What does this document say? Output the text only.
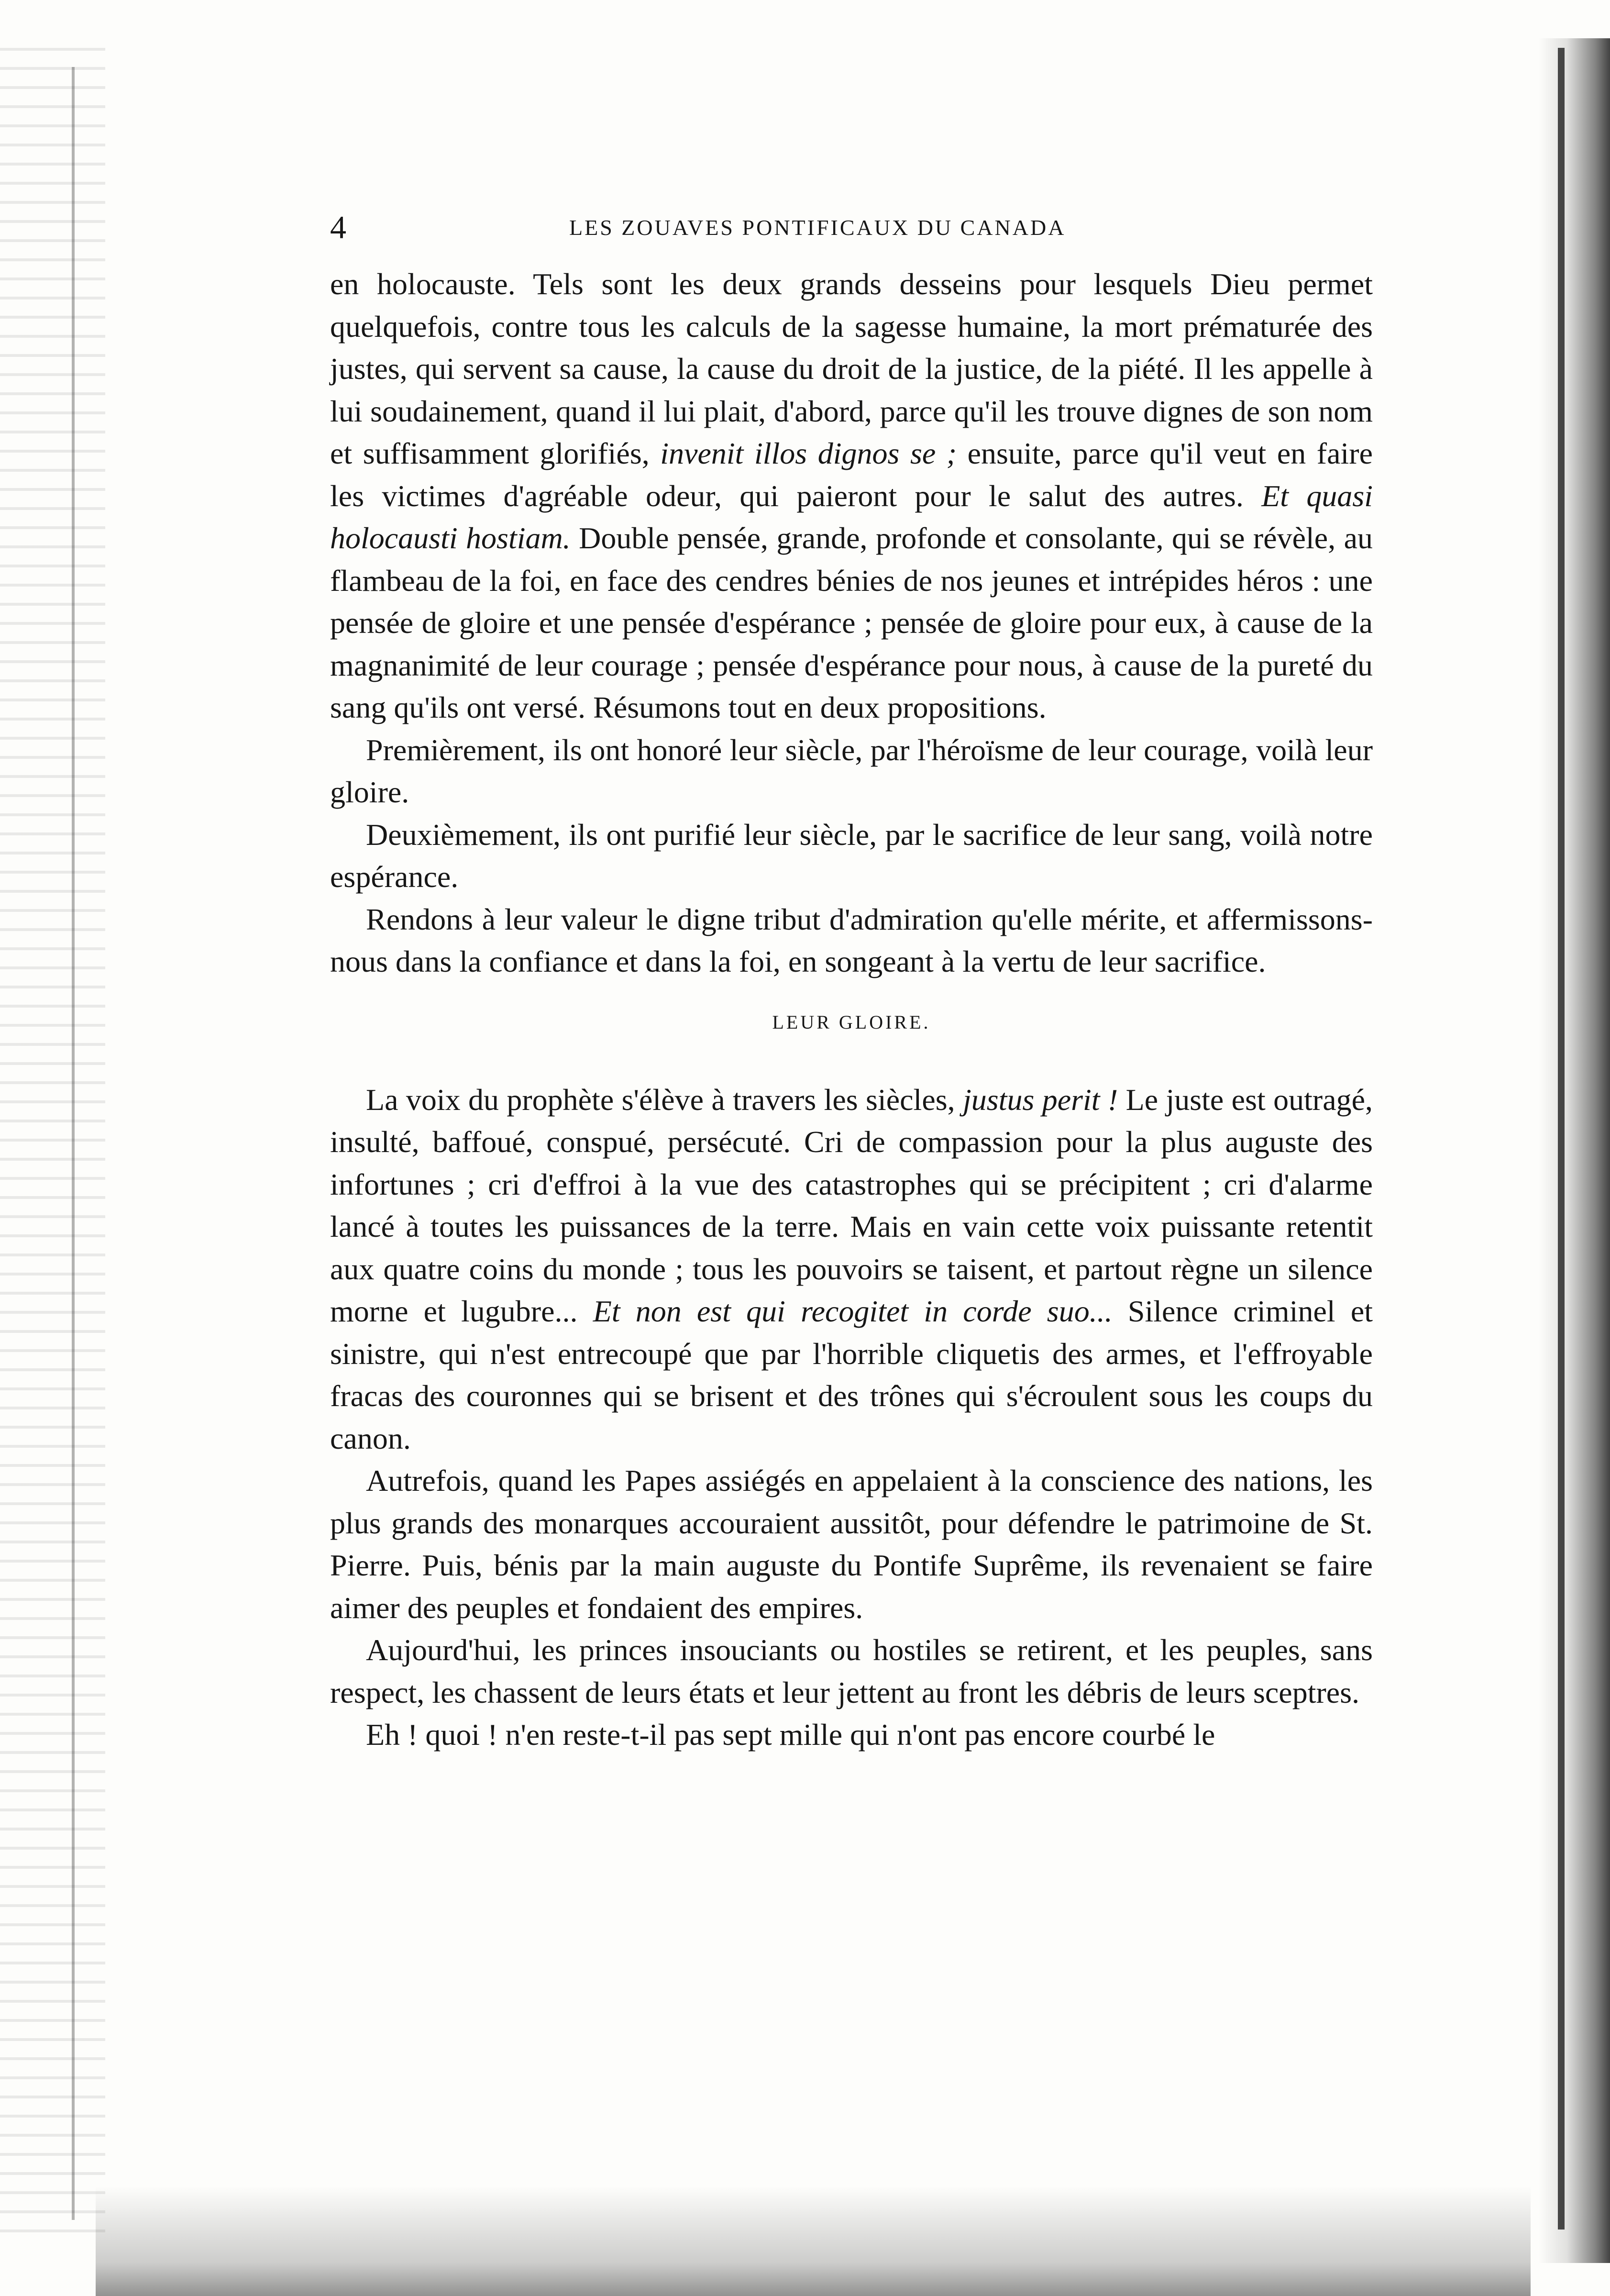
4	LES ZOUAVES PONTIFICAUX DU CANADA

en holocauste. Tels sont les deux grands desseins pour lesquels Dieu permet quelquefois, contre tous les calculs de la sagesse humaine, la mort prématurée des justes, qui servent sa cause, la cause du droit de la justice, de la piété. Il les appelle à lui soudainement, quand il lui plait, d'abord, parce qu'il les trouve dignes de son nom et suffisamment glorifiés, invenit illos dignos se ; ensuite, parce qu'il veut en faire les victimes d'agréable odeur, qui paieront pour le salut des autres. Et quasi holocausti hostiam. Double pensée, grande, profonde et consolante, qui se révèle, au flambeau de la foi, en face des cendres bénies de nos jeunes et intrépides héros : une pensée de gloire et une pensée d'espérance ; pensée de gloire pour eux, à cause de la magnanimité de leur courage ; pensée d'espérance pour nous, à cause de la pureté du sang qu'ils ont versé. Résumons tout en deux propositions.

Premièrement, ils ont honoré leur siècle, par l'héroïsme de leur courage, voilà leur gloire.

Deuxièmement, ils ont purifié leur siècle, par le sacrifice de leur sang, voilà notre espérance.

Rendons à leur valeur le digne tribut d'admiration qu'elle mérite, et affermissons-nous dans la confiance et dans la foi, en songeant à la vertu de leur sacrifice.

LEUR GLOIRE.

La voix du prophète s'élève à travers les siècles, justus perit ! Le juste est outragé, insulté, baffoué, conspué, persécuté. Cri de compassion pour la plus auguste des infortunes ; cri d'effroi à la vue des catastrophes qui se précipitent ; cri d'alarme lancé à toutes les puissances de la terre. Mais en vain cette voix puissante retentit aux quatre coins du monde ; tous les pouvoirs se taisent, et partout règne un silence morne et lugubre... Et non est qui recogitet in corde suo... Silence criminel et sinistre, qui n'est entrecoupé que par l'horrible cliquetis des armes, et l'effroyable fracas des couronnes qui se brisent et des trônes qui s'écroulent sous les coups du canon.

Autrefois, quand les Papes assiégés en appelaient à la conscience des nations, les plus grands des monarques accouraient aussitôt, pour défendre le patrimoine de St. Pierre. Puis, bénis par la main auguste du Pontife Suprême, ils revenaient se faire aimer des peuples et fondaient des empires.

Aujourd'hui, les princes insouciants ou hostiles se retirent, et les peuples, sans respect, les chassent de leurs états et leur jettent au front les débris de leurs sceptres.

Eh ! quoi ! n'en reste-t-il pas sept mille qui n'ont pas encore courbé le
